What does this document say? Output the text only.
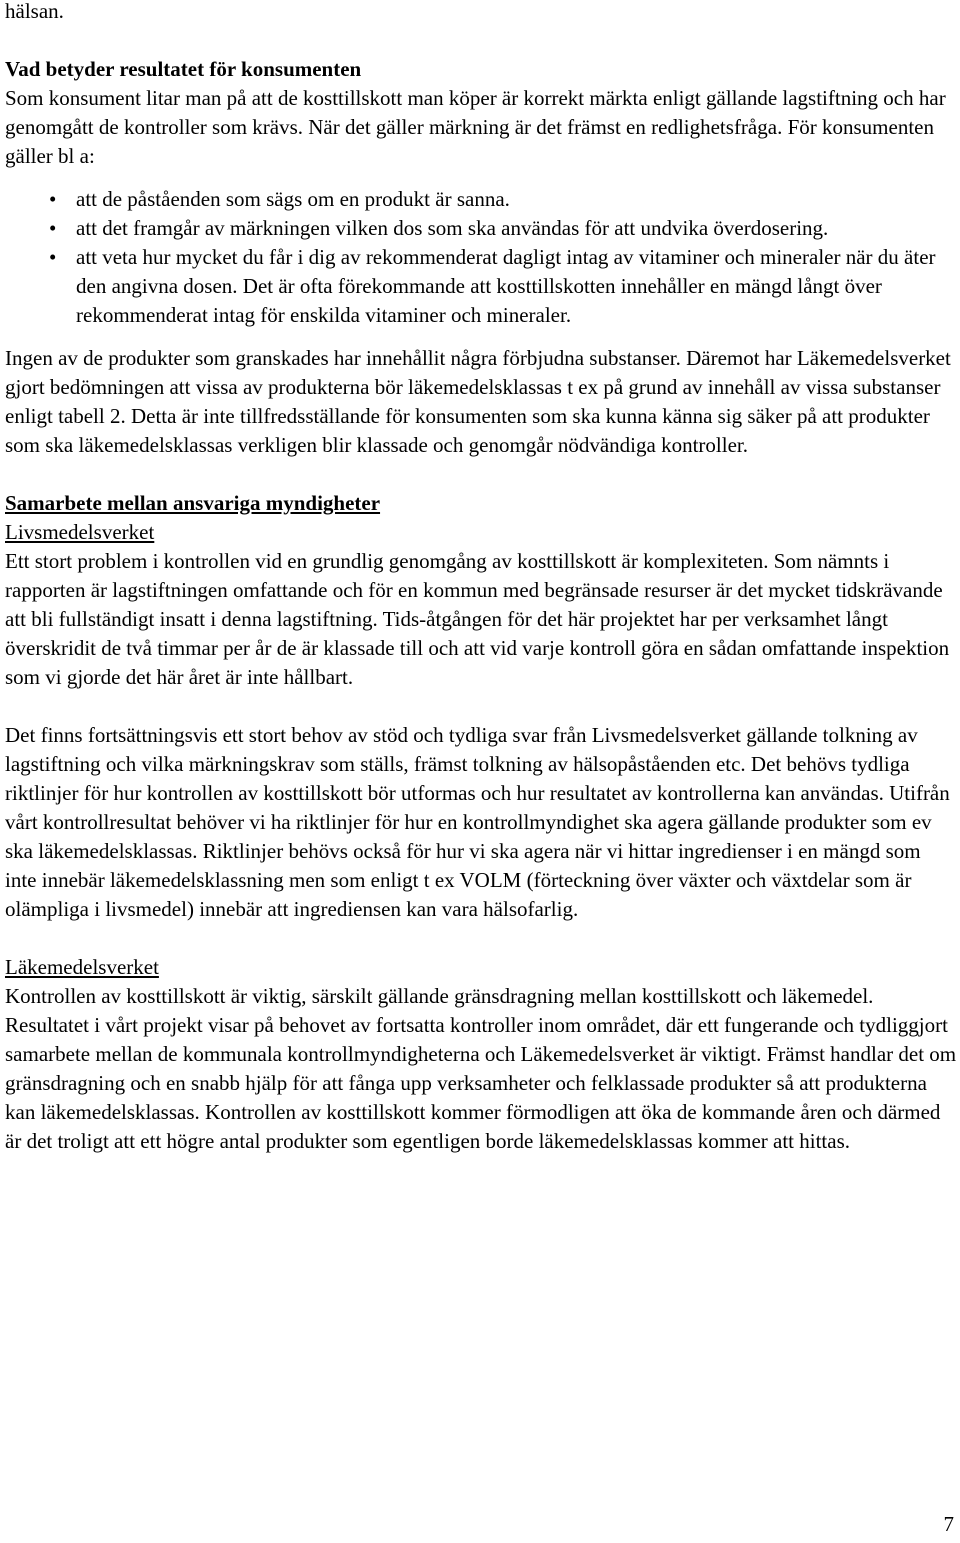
hälsan.

Vad betyder resultatet för konsumenten

Som konsument litar man på att de kosttillskott man köper är korrekt märkta enligt gällande lagstiftning och har genomgått de kontroller som krävs. När det gäller märkning är det främst en redlighetsfråga. För konsumenten gäller bl a:

• att de påståenden som sägs om en produkt är sanna.
• att det framgår av märkningen vilken dos som ska användas för att undvika överdosering.
• att veta hur mycket du får i dig av rekommenderat dagligt intag av vitaminer och mineraler när du äter den angivna dosen. Det är ofta förekommande att kosttillskotten innehåller en mängd långt över rekommenderat intag för enskilda vitaminer och mineraler.

Ingen av de produkter som granskades har innehållit några förbjudna substanser. Däremot har Läkemedelsverket gjort bedömningen att vissa av produkterna bör läkemedelsklassas t ex på grund av innehåll av vissa substanser enligt tabell 2. Detta är inte tillfredsställande för konsumenten som ska kunna känna sig säker på att produkter som ska läkemedelsklassas verkligen blir klassade och genomgår nödvändiga kontroller.

Samarbete mellan ansvariga myndigheter

Livsmedelsverket

Ett stort problem i kontrollen vid en grundlig genomgång av kosttillskott är komplexiteten. Som nämnts i rapporten är lagstiftningen omfattande och för en kommun med begränsade resurser är det mycket tidskrävande att bli fullständigt insatt i denna lagstiftning. Tids-åtgången för det här projektet har per verksamhet långt överskridit de två timmar per år de är klassade till och att vid varje kontroll göra en sådan omfattande inspektion som vi gjorde det här året är inte hållbart.

Det finns fortsättningsvis ett stort behov av stöd och tydliga svar från Livsmedelsverket gällande tolkning av lagstiftning och vilka märkningskrav som ställs, främst tolkning av hälsopåståenden etc. Det behövs tydliga riktlinjer för hur kontrollen av kosttillskott bör utformas och hur resultatet av kontrollerna kan användas. Utifrån vårt kontrollresultat behöver vi ha riktlinjer för hur en kontrollmyndighet ska agera gällande produkter som ev ska läkemedelsklassas. Riktlinjer behövs också för hur vi ska agera när vi hittar ingredienser i en mängd som inte innebär läkemedelsklassning men som enligt t ex VOLM (förteckning över växter och växtdelar som är olämpliga i livsmedel) innebär att ingrediensen kan vara hälsofarlig.

Läkemedelsverket

Kontrollen av kosttillskott är viktig, särskilt gällande gränsdragning mellan kosttillskott och läkemedel. Resultatet i vårt projekt visar på behovet av fortsatta kontroller inom området, där ett fungerande och tydliggjort samarbete mellan de kommunala kontrollmyndigheterna och Läkemedelsverket är viktigt. Främst handlar det om gränsdragning och en snabb hjälp för att fånga upp verksamheter och felklassade produkter så att produkterna kan läkemedelsklassas. Kontrollen av kosttillskott kommer förmodligen att öka de kommande åren och därmed är det troligt att ett högre antal produkter som egentligen borde läkemedelsklassas kommer att hittas.

7
